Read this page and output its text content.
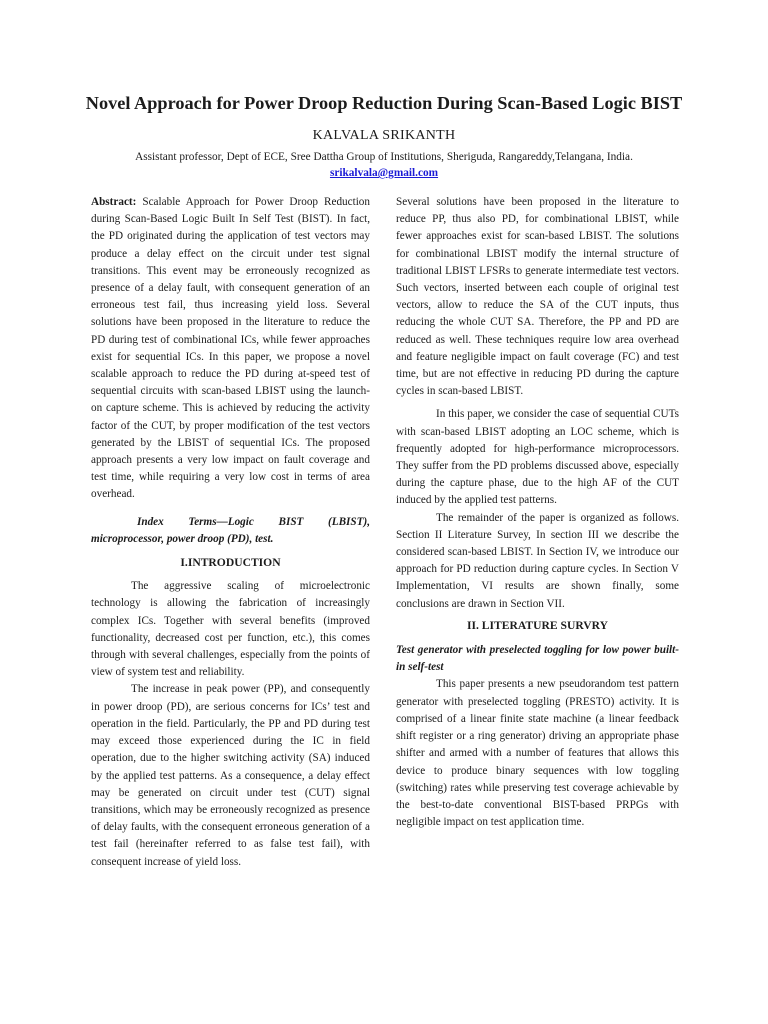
Novel Approach for Power Droop Reduction During Scan-Based Logic BIST

KALVALA SRIKANTH

Assistant professor, Dept of ECE, Sree Dattha Group of Institutions, Sheriguda, Rangareddy,Telangana, India.

srikalvala@gmail.com

Abstract: Scalable Approach for Power Droop Reduction during Scan-Based Logic Built In Self Test (BIST). In fact, the PD originated during the application of test vectors may produce a delay effect on the circuit under test signal transitions. This event may be erroneously recognized as presence of a delay fault, with consequent generation of an erroneous test fail, thus increasing yield loss. Several solutions have been proposed in the literature to reduce the PD during test of combinational ICs, while fewer approaches exist for sequential ICs. In this paper, we propose a novel scalable approach to reduce the PD during at-speed test of sequential circuits with scan-based LBIST using the launch-on capture scheme. This is achieved by reducing the activity factor of the CUT, by proper modification of the test vectors generated by the LBIST of sequential ICs. The proposed approach presents a very low impact on fault coverage and test time, while requiring a very low cost in terms of area overhead.

Index Terms—Logic BIST (LBIST), microprocessor, power droop (PD), test.

I.INTRODUCTION

The aggressive scaling of microelectronic technology is allowing the fabrication of increasingly complex ICs. Together with several benefits (improved functionality, decreased cost per function, etc.), this comes through with several challenges, especially from the points of view of system test and reliability.

The increase in peak power (PP), and consequently in power droop (PD), are serious concerns for ICs’ test and operation in the field. Particularly, the PP and PD during test may exceed those experienced during the IC in field operation, due to the higher switching activity (SA) induced by the applied test patterns. As a consequence, a delay effect may be generated on circuit under test (CUT) signal transitions, which may be erroneously recognized as presence of delay faults, with the consequent erroneous generation of a test fail (hereinafter referred to as false test fail), with consequent increase of yield loss.

Several solutions have been proposed in the literature to reduce PP, thus also PD, for combinational LBIST, while fewer approaches exist for scan-based LBIST. The solutions for combinational LBIST modify the internal structure of traditional LBIST LFSRs to generate intermediate test vectors. Such vectors, inserted between each couple of original test vectors, allow to reduce the SA of the CUT inputs, thus reducing the whole CUT SA. Therefore, the PP and PD are reduced as well. These techniques require low area overhead and feature negligible impact on fault coverage (FC) and test time, but are not effective in reducing PD during the capture cycles in scan-based LBIST.

In this paper, we consider the case of sequential CUTs with scan-based LBIST adopting an LOC scheme, which is frequently adopted for high-performance microprocessors. They suffer from the PD problems discussed above, especially during the capture phase, due to the high AF of the CUT induced by the applied test patterns.

The remainder of the paper is organized as follows. Section II Literature Survey, In section III we describe the considered scan-based LBIST. In Section IV, we introduce our approach for PD reduction during capture cycles. In Section V Implementation, VI results are shown finally, some conclusions are drawn in Section VII.

II. LITERATURE SURVRY

Test generator with preselected toggling for low power built-in self-test

This paper presents a new pseudorandom test pattern generator with preselected toggling (PRESTO) activity. It is comprised of a linear finite state machine (a linear feedback shift register or a ring generator) driving an appropriate phase shifter and armed with a number of features that allows this device to produce binary sequences with low toggling (switching) rates while preserving test coverage achievable by the best-to-date conventional BIST-based PRPGs with negligible impact on test application time.
